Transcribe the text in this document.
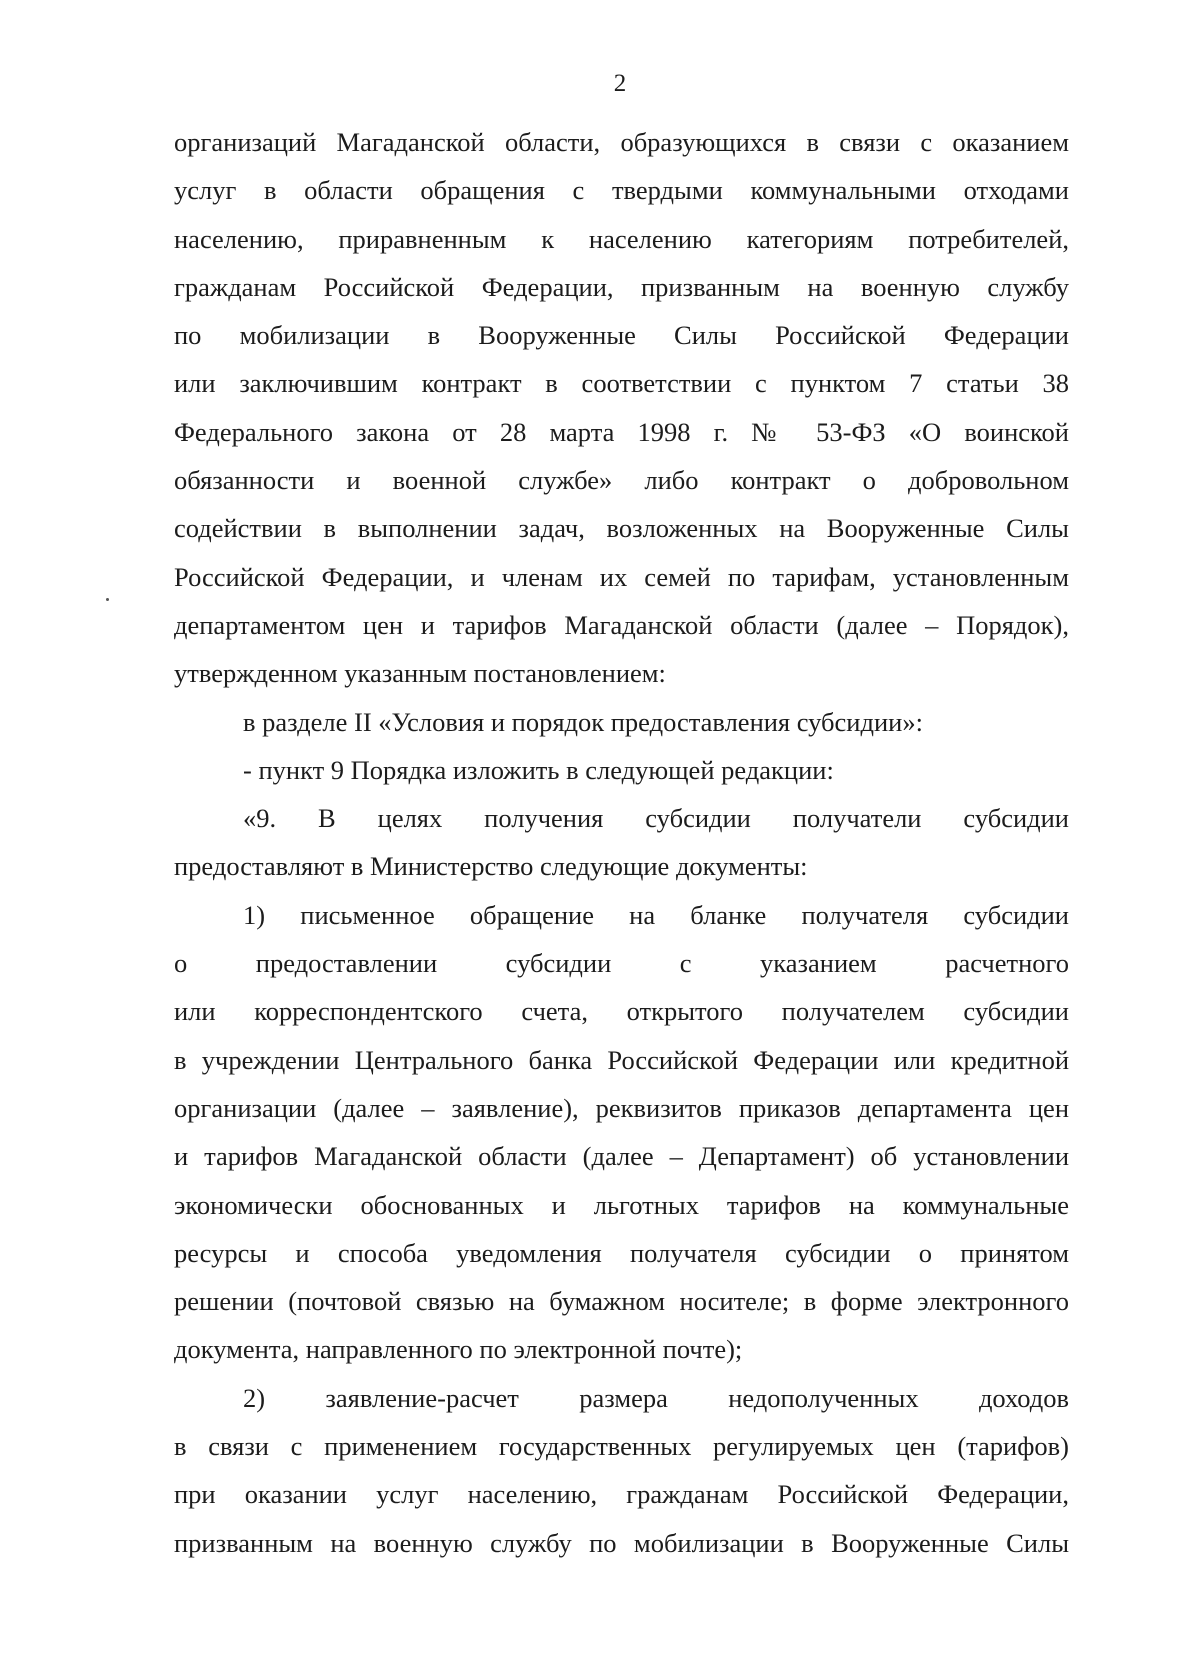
2
организаций Магаданской области, образующихся в связи с оказанием
услуг в области обращения с твердыми коммунальными отходами
населению, приравненным к населению категориям потребителей,
гражданам Российской Федерации, призванным на военную службу
по мобилизации в Вооруженные Силы Российской Федерации
или заключившим контракт в соответствии с пунктом 7 статьи 38
Федерального закона от 28 марта 1998 г. № 53-ФЗ «О воинской
обязанности и военной службе» либо контракт о добровольном
содействии в выполнении задач, возложенных на Вооруженные Силы
Российской Федерации, и членам их семей по тарифам, установленным
департаментом цен и тарифов Магаданской области (далее – Порядок),
утвержденном указанным постановлением:
в разделе II «Условия и порядок предоставления субсидии»:
- пункт 9 Порядка изложить в следующей редакции:
«9. В целях получения субсидии получатели субсидии
предоставляют в Министерство следующие документы:
1) письменное обращение на бланке получателя субсидии
о предоставлении субсидии с указанием расчетного
или корреспондентского счета, открытого получателем субсидии
в учреждении Центрального банка Российской Федерации или кредитной
организации (далее – заявление), реквизитов приказов департамента цен
и тарифов Магаданской области (далее – Департамент) об установлении
экономически обоснованных и льготных тарифов на коммунальные
ресурсы и способа уведомления получателя субсидии о принятом
решении (почтовой связью на бумажном носителе; в форме электронного
документа, направленного по электронной почте);
2) заявление-расчет размера недополученных доходов
в связи с применением государственных регулируемых цен (тарифов)
при оказании услуг населению, гражданам Российской Федерации,
призванным на военную службу по мобилизации в Вооруженные Силы
